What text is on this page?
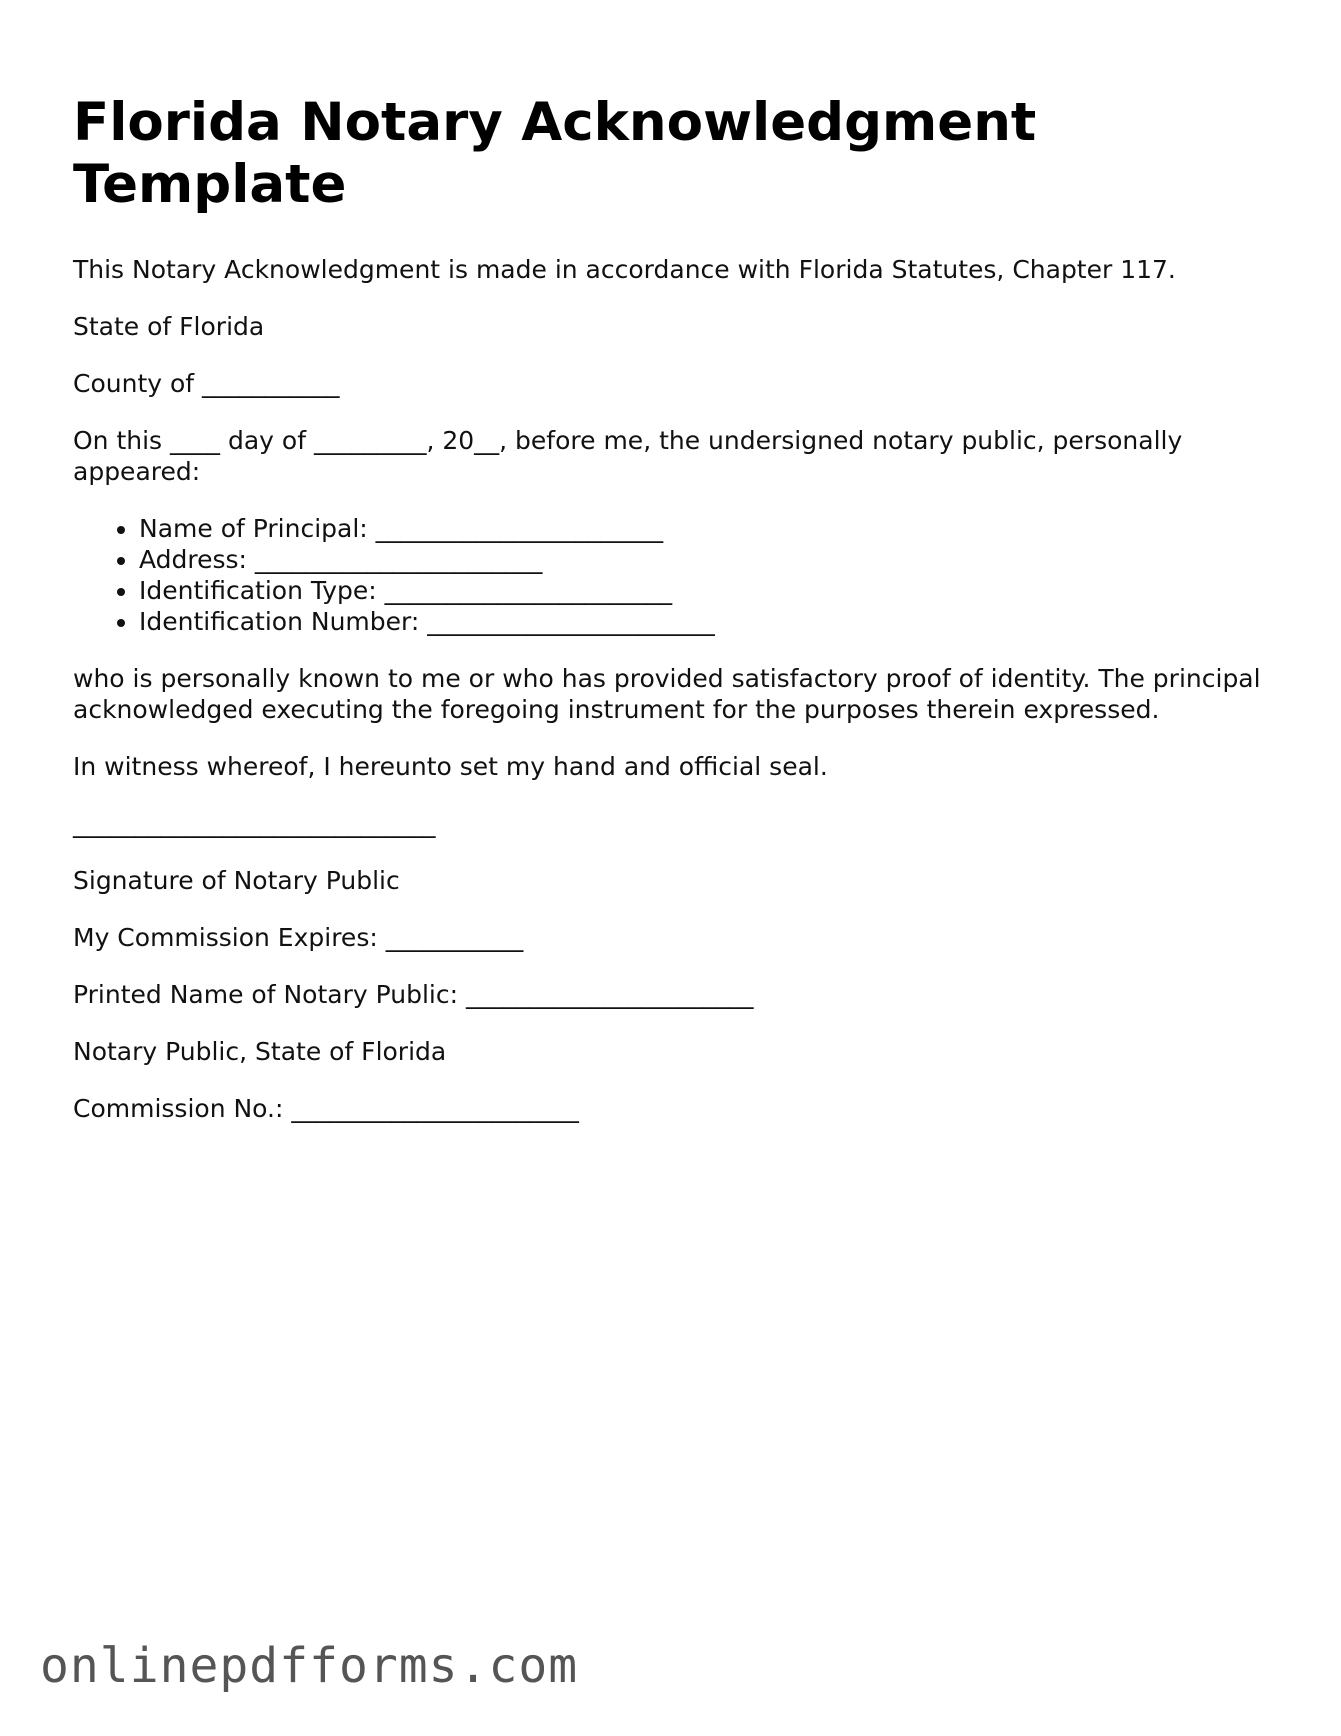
Florida Notary Acknowledgment Template

This Notary Acknowledgment is made in accordance with Florida Statutes, Chapter 117.

State of Florida

County of ___________

On this ____ day of _________, 20__, before me, the undersigned notary public, personally appeared:

• Name of Principal: _______________________
• Address: _______________________
• Identification Type: _______________________
• Identification Number: _______________________

who is personally known to me or who has provided satisfactory proof of identity. The principal acknowledged executing the foregoing instrument for the purposes therein expressed.

In witness whereof, I hereunto set my hand and official seal.

_____________________________

Signature of Notary Public

My Commission Expires: ___________

Printed Name of Notary Public: _______________________

Notary Public, State of Florida

Commission No.: _______________________

onlinepdfforms.com
